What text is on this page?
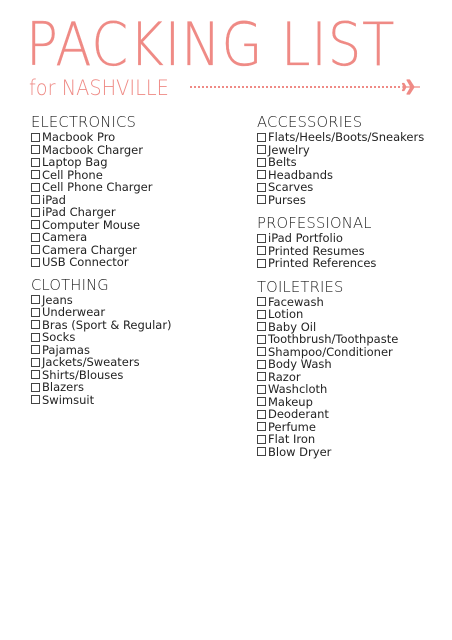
PACKING LIST
for NASHVILLE
ELECTRONICS
Macbook Pro
Macbook Charger
Laptop Bag
Cell Phone
Cell Phone Charger
iPad
iPad Charger
Computer Mouse
Camera
Camera Charger
USB Connector
CLOTHING
Jeans
Underwear
Bras (Sport & Regular)
Socks
Pajamas
Jackets/Sweaters
Shirts/Blouses
Blazers
Swimsuit
ACCESSORIES
Flats/Heels/Boots/Sneakers
Jewelry
Belts
Headbands
Scarves
Purses
PROFESSIONAL
iPad Portfolio
Printed Resumes
Printed References
TOILETRIES
Facewash
Lotion
Baby Oil
Toothbrush/Toothpaste
Shampoo/Conditioner
Body Wash
Razor
Washcloth
Makeup
Deoderant
Perfume
Flat Iron
Blow Dryer
